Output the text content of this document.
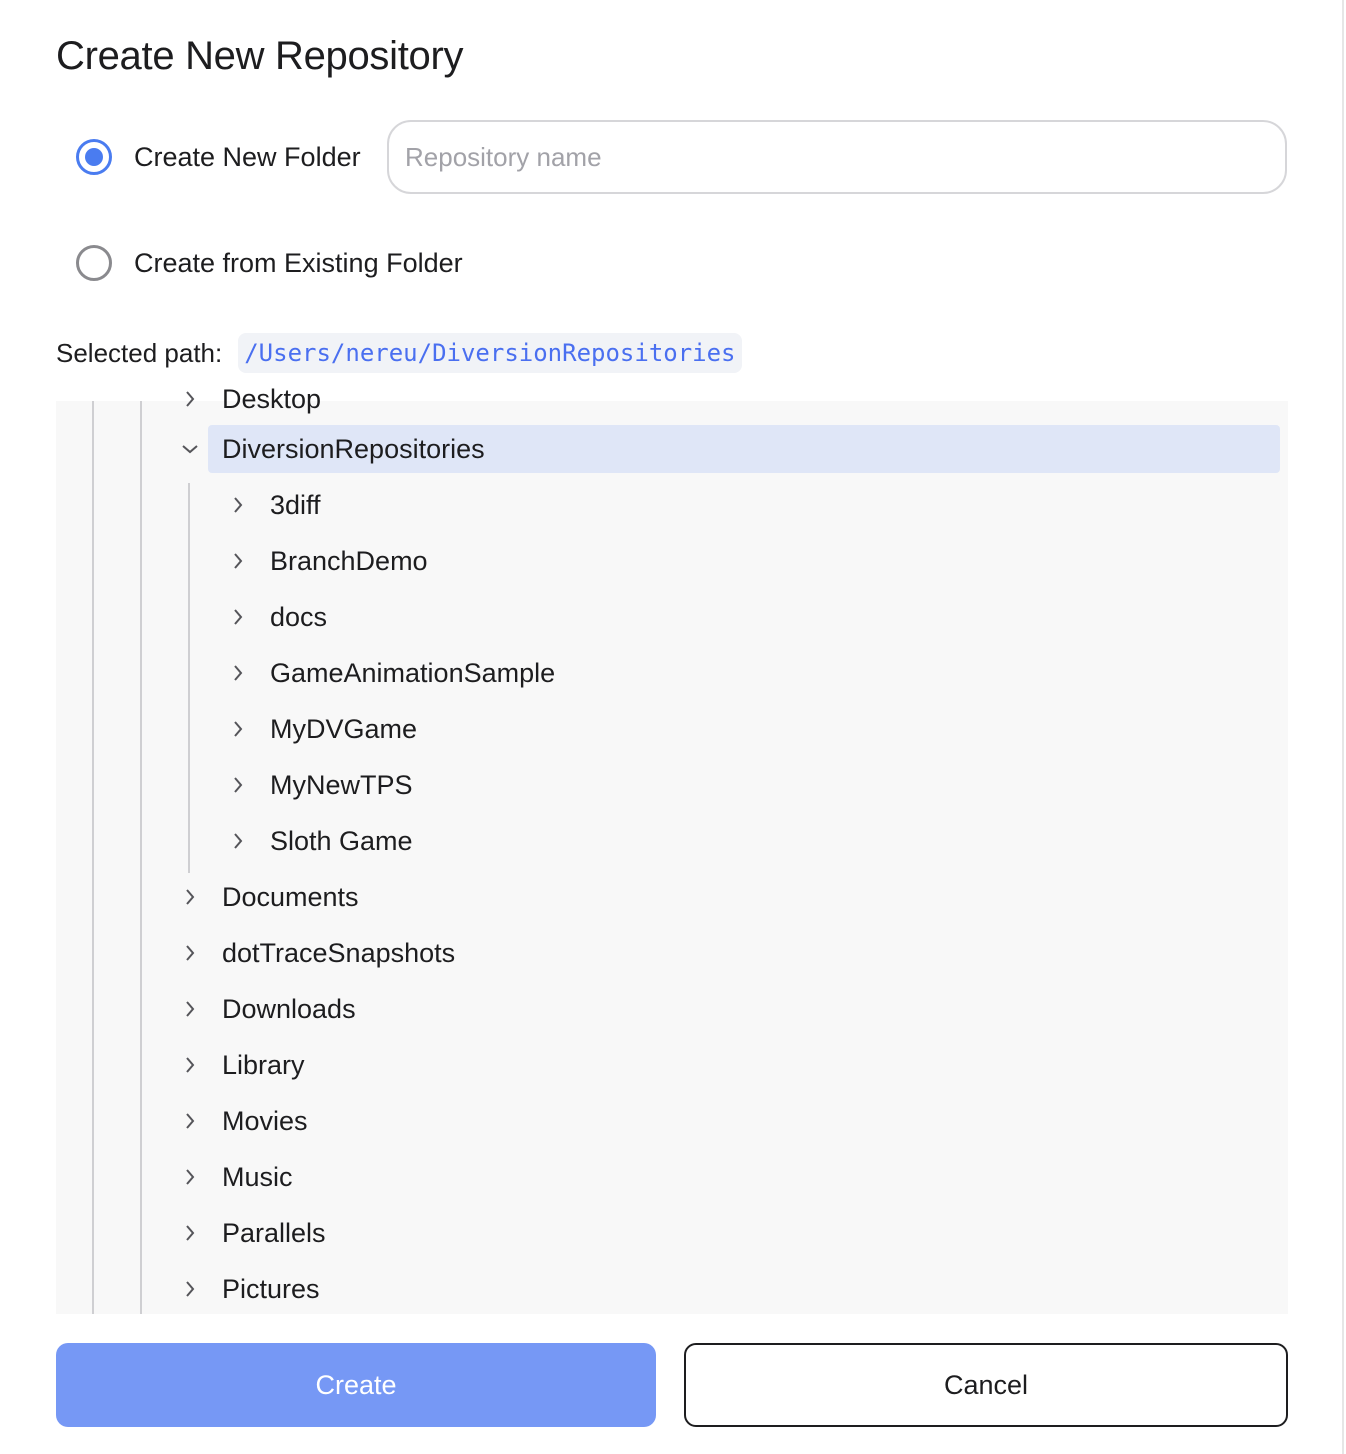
Create New Repository
Create New Folder
Repository name
Create from Existing Folder
Selected path: /Users/nereu/DiversionRepositories
Desktop
DiversionRepositories
3diff
BranchDemo
docs
GameAnimationSample
MyDVGame
MyNewTPS
Sloth Game
Documents
dotTraceSnapshots
Downloads
Library
Movies
Music
Parallels
Pictures
Create	Cancel
